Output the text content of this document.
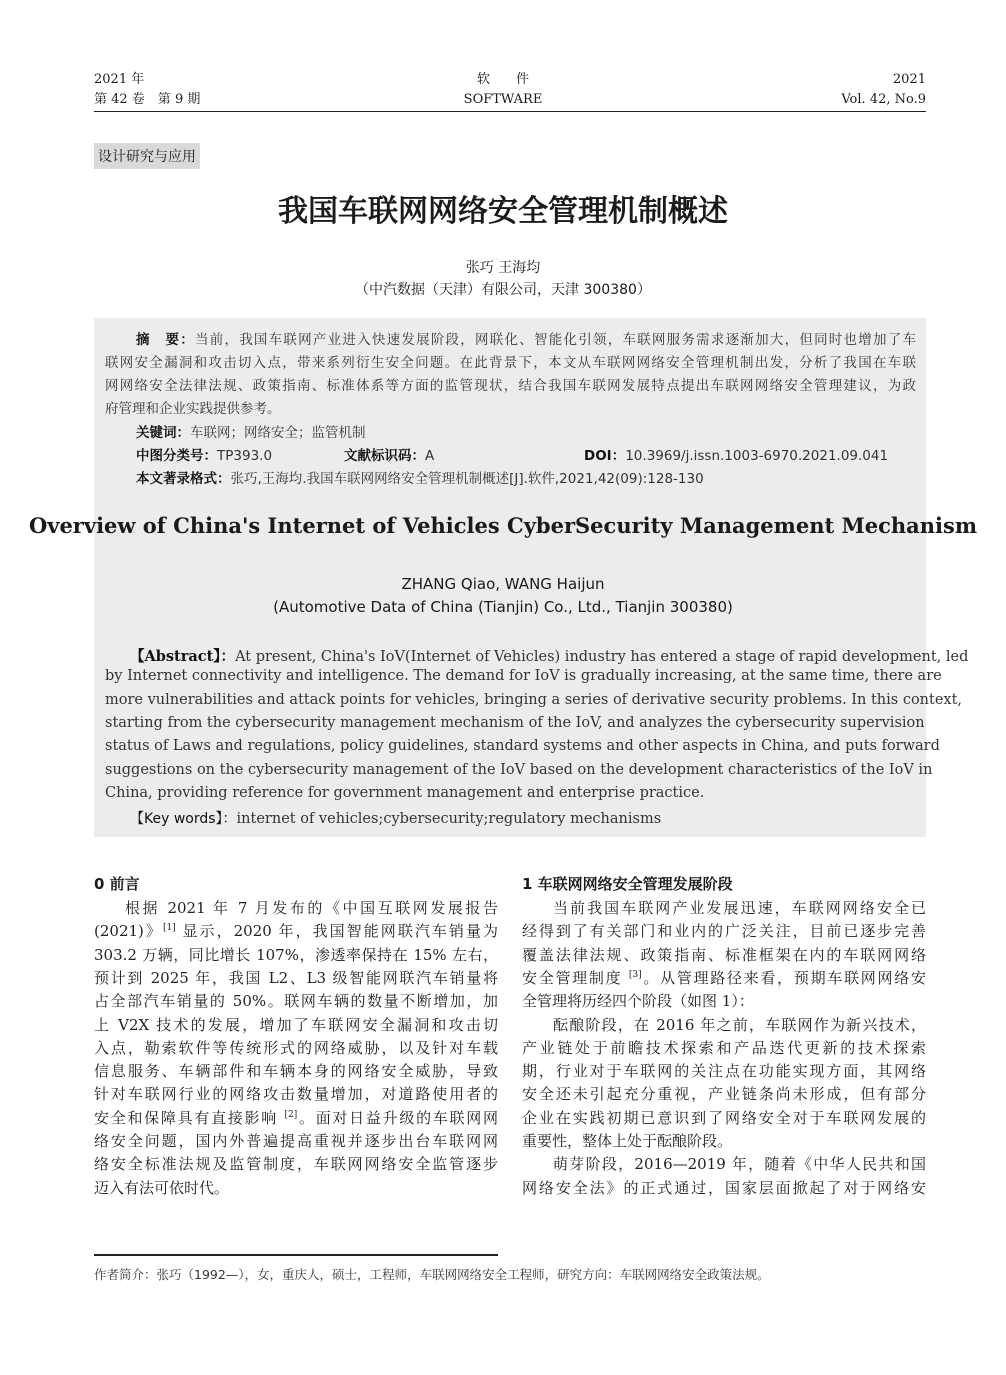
2021 年
第 42 卷　第 9 期
软　　件
SOFTWARE
2021
Vol. 42, No.9
设计研究与应用
我国车联网网络安全管理机制概述
张巧 王海均
（中汽数据（天津）有限公司，天津 300380）
摘　要：当前，我国车联网产业进入快速发展阶段，网联化、智能化引领，车联网服务需求逐渐加大，但同时也增加了车
联网安全漏洞和攻击切入点，带来系列衍生安全问题。在此背景下，本文从车联网网络安全管理机制出发，分析了我国在车联
网网络安全法律法规、政策指南、标准体系等方面的监管现状，结合我国车联网发展特点提出车联网网络安全管理建议，为政
府管理和企业实践提供参考。
关键词：车联网；网络安全；监管机制
中图分类号：TP393.0	文献标识码：A	DOI：10.3969/j.issn.1003-6970.2021.09.041
本文著录格式：张巧,王海均.我国车联网网络安全管理机制概述[J].软件,2021,42(09):128-130
Overview of China's Internet of Vehicles CyberSecurity Management Mechanism
ZHANG Qiao, WANG Haijun
(Automotive Data of China (Tianjin) Co., Ltd., Tianjin 300380)
【Abstract】：At present, China's IoV(Internet of Vehicles) industry has entered a stage of rapid development, led
by Internet connectivity and intelligence. The demand for IoV is gradually increasing, at the same time, there are
more vulnerabilities and attack points for vehicles, bringing a series of derivative security problems. In this context,
starting from the cybersecurity management mechanism of the IoV, and analyzes the cybersecurity supervision
status of Laws and regulations, policy guidelines, standard systems and other aspects in China, and puts forward
suggestions on the cybersecurity management of the IoV based on the development characteristics of the IoV in
China, providing reference for government management and enterprise practice.
【Key words】：internet of vehicles;cybersecurity;regulatory mechanisms
0 前言	1 车联网网络安全管理发展阶段
根据 2021 年 7 月发布的《中国互联网发展报告
(2021)》[1] 显示，2020 年，我国智能网联汽车销量为
303.2 万辆，同比增长 107%，渗透率保持在 15% 左右，
预计到 2025 年，我国 L2、L3 级智能网联汽车销量将
占全部汽车销量的 50%。联网车辆的数量不断增加，加
上 V2X 技术的发展，增加了车联网安全漏洞和攻击切
入点，勒索软件等传统形式的网络威胁，以及针对车载
信息服务、车辆部件和车辆本身的网络安全威胁，导致
针对车联网行业的网络攻击数量增加，对道路使用者的
安全和保障具有直接影响 [2]。面对日益升级的车联网网
络安全问题，国内外普遍提高重视并逐步出台车联网网
络安全标准法规及监管制度，车联网网络安全监管逐步
迈入有法可依时代。
当前我国车联网产业发展迅速，车联网网络安全已
经得到了有关部门和业内的广泛关注，目前已逐步完善
覆盖法律法规、政策指南、标准框架在内的车联网网络
安全管理制度 [3]。从管理路径来看，预期车联网网络安
全管理将历经四个阶段（如图 1）：
酝酿阶段，在 2016 年之前，车联网作为新兴技术，
产业链处于前瞻技术探索和产品迭代更新的技术探索
期，行业对于车联网的关注点在功能实现方面，其网络
安全还未引起充分重视，产业链条尚未形成，但有部分
企业在实践初期已意识到了网络安全对于车联网发展的
重要性，整体上处于酝酿阶段。
萌芽阶段，2016—2019 年，随着《中华人民共和国
网络安全法》的正式通过，国家层面掀起了对于网络安
作者简介：张巧（1992—），女，重庆人，硕士，工程师，车联网网络安全工程师，研究方向：车联网网络安全政策法规。
